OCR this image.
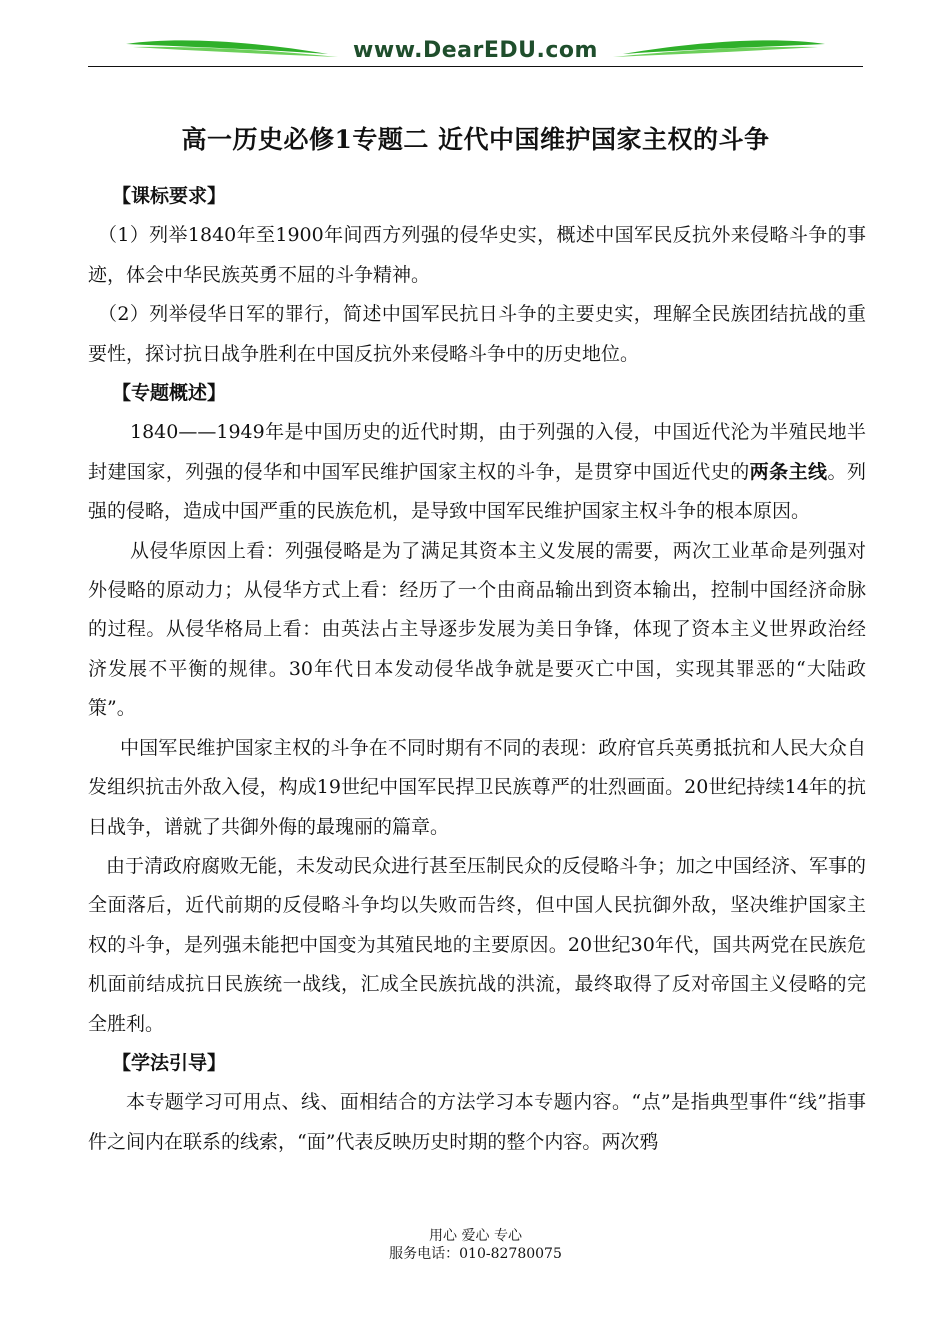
www.DearEDU.com
高一历史必修1专题二 近代中国维护国家主权的斗争

【课标要求】

（1）列举1840年至1900年间西方列强的侵华史实，概述中国军民反抗外来侵略斗争的事迹，体会中华民族英勇不屈的斗争精神。

（2）列举侵华日军的罪行，简述中国军民抗日斗争的主要史实，理解全民族团结抗战的重要性，探讨抗日战争胜利在中国反抗外来侵略斗争中的历史地位。

【专题概述】

1840——1949年是中国历史的近代时期，由于列强的入侵，中国近代沦为半殖民地半封建国家，列强的侵华和中国军民维护国家主权的斗争，是贯穿中国近代史的两条主线。列强的侵略，造成中国严重的民族危机，是导致中国军民维护国家主权斗争的根本原因。

从侵华原因上看：列强侵略是为了满足其资本主义发展的需要，两次工业革命是列强对外侵略的原动力；从侵华方式上看：经历了一个由商品输出到资本输出，控制中国经济命脉的过程。从侵华格局上看：由英法占主导逐步发展为美日争锋，体现了资本主义世界政治经济发展不平衡的规律。30年代日本发动侵华战争就是要灭亡中国，实现其罪恶的“大陆政策”。

中国军民维护国家主权的斗争在不同时期有不同的表现：政府官兵英勇抵抗和人民大众自发组织抗击外敌入侵，构成19世纪中国军民捍卫民族尊严的壮烈画面。20世纪持续14年的抗日战争，谱就了共御外侮的最瑰丽的篇章。

由于清政府腐败无能，未发动民众进行甚至压制民众的反侵略斗争；加之中国经济、军事的全面落后，近代前期的反侵略斗争均以失败而告终，但中国人民抗御外敌，坚决维护国家主权的斗争，是列强未能把中国变为其殖民地的主要原因。20世纪30年代，国共两党在民族危机面前结成抗日民族统一战线，汇成全民族抗战的洪流，最终取得了反对帝国主义侵略的完全胜利。

【学法引导】

本专题学习可用点、线、面相结合的方法学习本专题内容。“点”是指典型事件“线”指事件之间内在联系的线索，“面”代表反映历史时期的整个内容。两次鸦

用心 爱心 专心
服务电话：010-82780075
